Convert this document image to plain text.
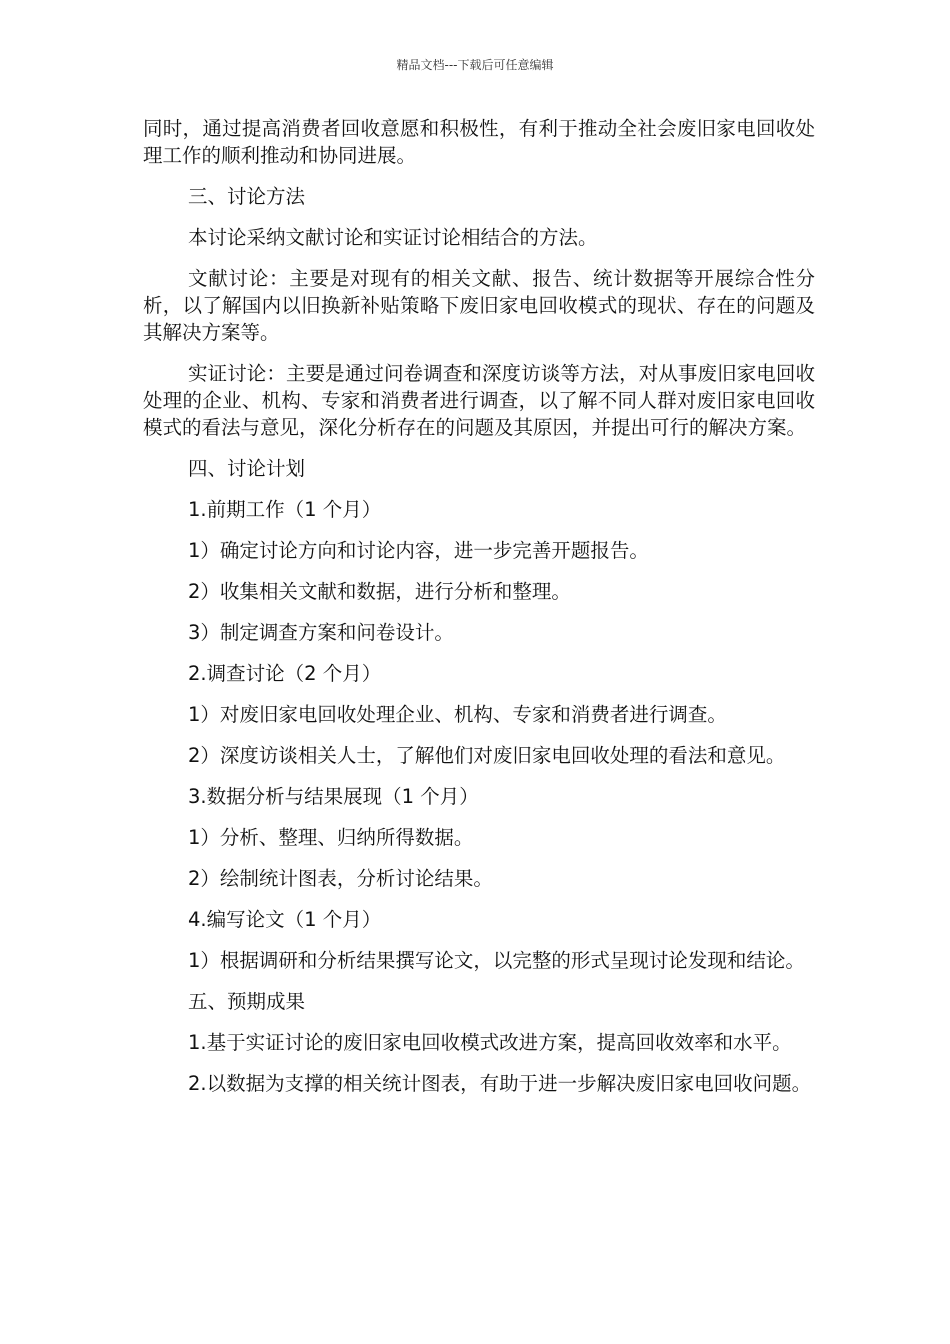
精品文档---下载后可任意编辑

同时，通过提高消费者回收意愿和积极性，有利于推动全社会废旧家电回收处理工作的顺利推动和协同进展。

三、讨论方法

本讨论采纳文献讨论和实证讨论相结合的方法。

文献讨论：主要是对现有的相关文献、报告、统计数据等开展综合性分析，以了解国内以旧换新补贴策略下废旧家电回收模式的现状、存在的问题及其解决方案等。

实证讨论：主要是通过问卷调查和深度访谈等方法，对从事废旧家电回收处理的企业、机构、专家和消费者进行调查，以了解不同人群对废旧家电回收模式的看法与意见，深化分析存在的问题及其原因，并提出可行的解决方案。

四、讨论计划

1.前期工作（1 个月）

1）确定讨论方向和讨论内容，进一步完善开题报告。

2）收集相关文献和数据，进行分析和整理。

3）制定调查方案和问卷设计。

2.调查讨论（2 个月）

1）对废旧家电回收处理企业、机构、专家和消费者进行调查。

2）深度访谈相关人士，了解他们对废旧家电回收处理的看法和意见。

3.数据分析与结果展现（1 个月）

1）分析、整理、归纳所得数据。

2）绘制统计图表，分析讨论结果。

4.编写论文（1 个月）

1）根据调研和分析结果撰写论文，以完整的形式呈现讨论发现和结论。

五、预期成果

1.基于实证讨论的废旧家电回收模式改进方案，提高回收效率和水平。

2.以数据为支撑的相关统计图表，有助于进一步解决废旧家电回收问题。
